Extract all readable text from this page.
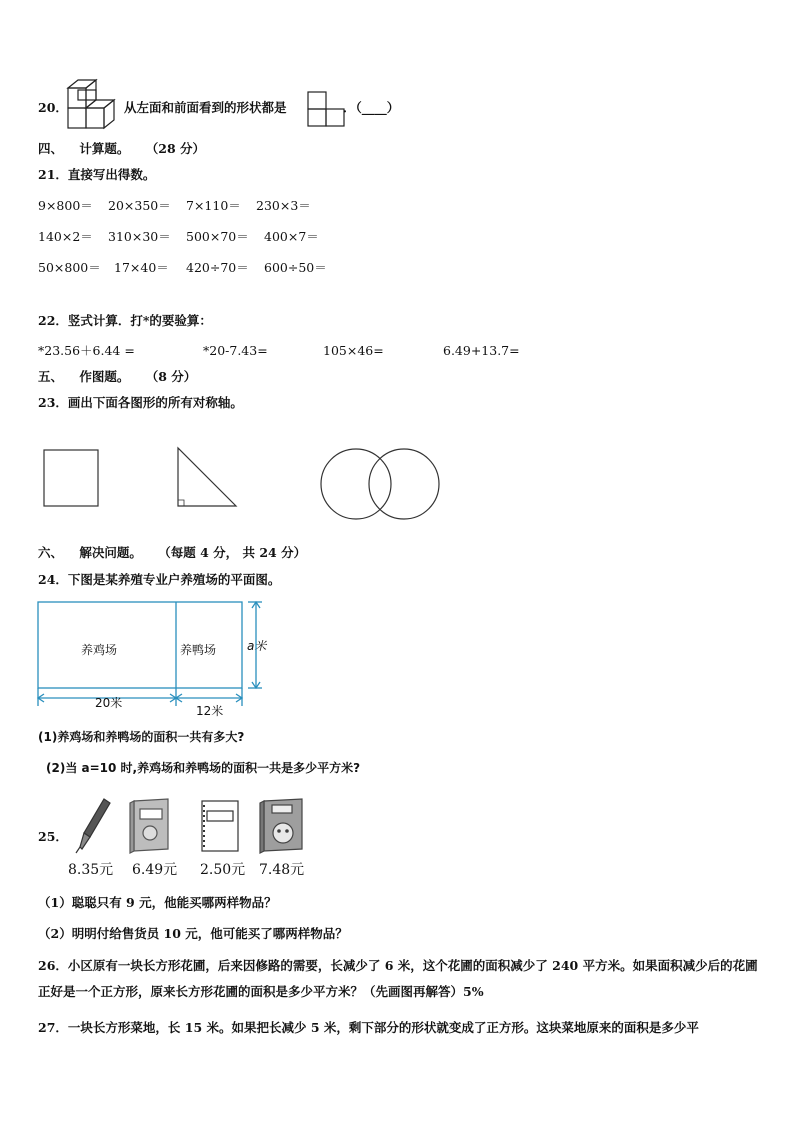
20．	从左面和前面看到的形状都是	．（____）
四、 计算题。 （28 分）
21．直接写出得数。
9×800＝ 20×350＝ 7×110＝ 230×3＝
140×2＝ 310×30＝ 500×70＝ 400×7＝
50×800＝ 17×40＝ 420÷70＝ 600÷50＝
22．竖式计算．打*的要验算：
*23.56＋6.44 =	*20-7.43=	105×46=	6.49+13.7=
五、 作图题。 （8 分）
23．画出下面各图形的所有对称轴。
六、 解决问题。 （每题 4 分， 共 24 分）
24．下图是某养殖专业户养殖场的平面图。
养鸡场	养鸭场	a米
20米
12米
(1)养鸡场和养鸭场的面积一共有多大?
(2)当 a=10 时,养鸡场和养鸭场的面积一共是多少平方米?
25．
8.35元 6.49元 2.50元 7.48元
（1）聪聪只有 9 元，他能买哪两样物品？
（2）明明付给售货员 10 元，他可能买了哪两样物品？
26．小区原有一块长方形花圃，后来因修路的需要，长减少了 6 米，这个花圃的面积减少了 240 平方米。如果面积减少后的花圃正好是一个正方形，原来长方形花圃的面积是多少平方米？（先画图再解答）5%
27．一块长方形菜地，长 15 米。如果把长减少 5 米，剩下部分的形状就变成了正方形。这块菜地原来的面积是多少平
